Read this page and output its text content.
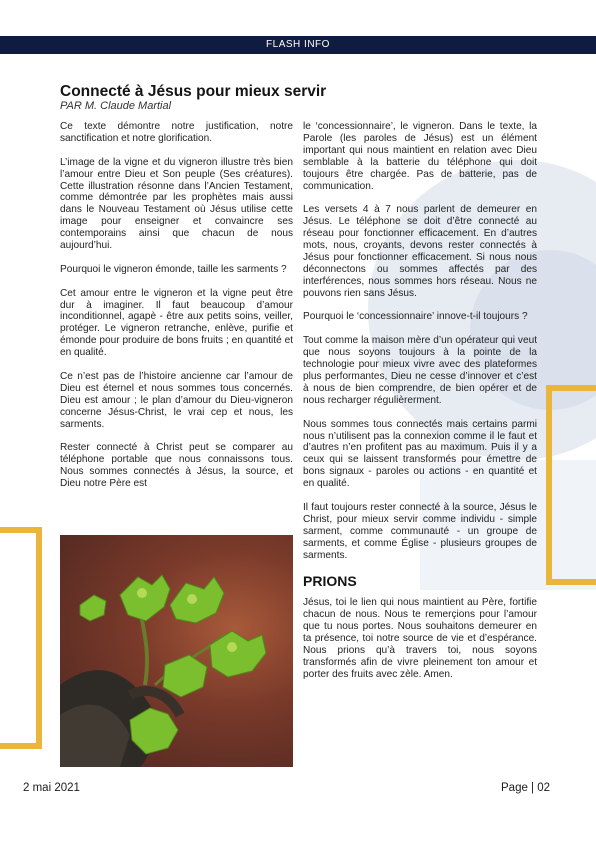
FLASH INFO
Connecté à Jésus pour mieux servir
PAR M. Claude Martial

Ce texte démontre notre justification, notre sanctification et notre glorification.

L’image de la vigne et du vigneron illustre très bien l’amour entre Dieu et Son peuple (Ses créatures). Cette illustration résonne dans l’Ancien Testament, comme démontrée par les prophètes mais aussi dans le Nouveau Testament où Jésus utilise cette image pour enseigner et convaincre ses contemporains ainsi que chacun de nous aujourd’hui.

Pourquoi le vigneron émonde, taille les sarments ?

Cet amour entre le vigneron et la vigne peut être dur à imaginer. Il faut beaucoup d’amour inconditionnel, agapè - être aux petits soins, veiller, protéger. Le vigneron retranche, enlève, purifie et émonde pour produire de bons fruits ; en quantité et en qualité.

Ce n’est pas de l’histoire ancienne car l’amour de Dieu est éternel et nous sommes tous concernés. Dieu est amour ; le plan d’amour du Dieu-vigneron concerne Jésus-Christ, le vrai cep et nous, les sarments.

Rester connecté à Christ peut se comparer au téléphone portable que nous connaissons tous. Nous sommes connectés à Jésus, la source, et Dieu notre Père est

le ‘concessionnaire’, le vigneron. Dans le texte, la Parole (les paroles de Jésus) est un élément important qui nous maintient en relation avec Dieu semblable à la batterie du téléphone qui doit toujours être chargée. Pas de batterie, pas de communication.

Les versets 4 à 7 nous parlent de demeurer en Jésus. Le téléphone se doit d’être connecté au réseau pour fonctionner efficacement. En d’autres mots, nous, croyants, devons rester connectés à Jésus pour fonctionner efficacement. Si nous nous déconnectons ou sommes affectés par des interférences, nous sommes hors réseau. Nous ne pouvons rien sans Jésus.

Pourquoi le ‘concessionnaire’ innove-t-il toujours ?

Tout comme la maison mère d’un opérateur qui veut que nous soyons toujours à la pointe de la technologie pour mieux vivre avec des plateformes plus performantes, Dieu ne cesse d’innover et c’est à nous de bien comprendre, de bien opérer et de nous recharger régulièrerment.

Nous sommes tous connectés mais certains parmi nous n’utilisent pas la connexion comme il le faut et d’autres n’en profitent pas au maximum. Puis il y a ceux qui se laissent transformés pour émettre de bons signaux - paroles ou actions - en quantité et en qualité.

Il faut toujours rester connecté à la source, Jésus le Christ, pour mieux servir comme individu - simple sarment, comme communauté - un groupe de sarments, et comme Église - plusieurs groupes de sarments.

PRIONS

Jésus, toi le lien qui nous maintient au Père, fortifie chacun de nous. Nous te remerçions pour l’amour que tu nous portes. Nous souhaitons demeurer en ta présence, toi notre source de vie et d’espérance. Nous prions qu’à travers toi, nous soyons transformés afin de vivre pleinement ton amour et porter des fruits avec zèle. Amen.

2 mai 2021	Page | 02
